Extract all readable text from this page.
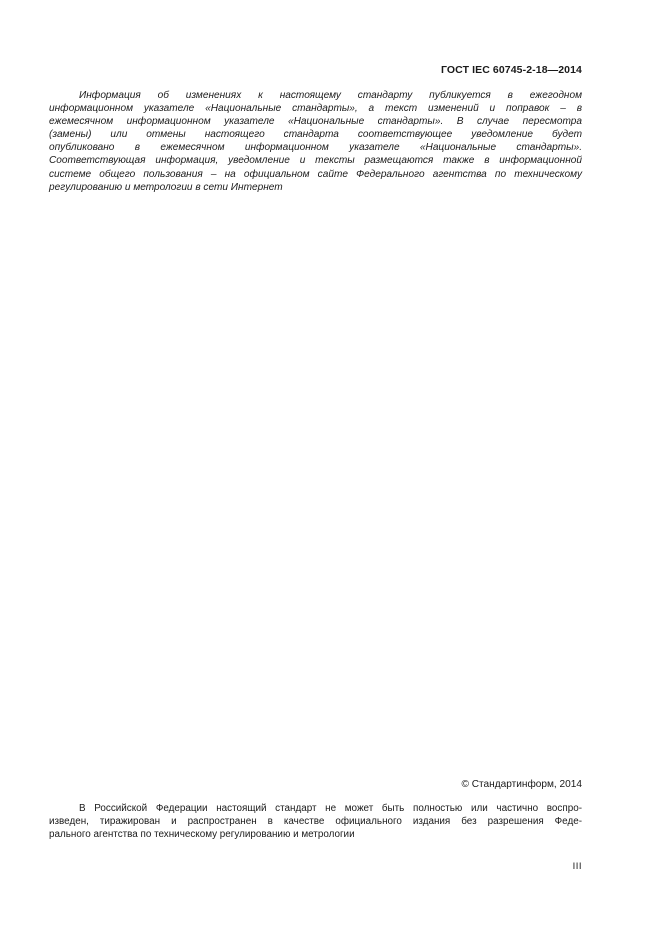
ГОСТ IEC 60745-2-18—2014
Информация об изменениях к настоящему стандарту публикуется в ежегодном
информационном указателе «Национальные стандарты», а текст изменений и поправок – в
ежемесячном информационном указателе «Национальные стандарты». В случае пересмотра
(замены) или отмены настоящего стандарта соответствующее уведомление будет
опубликовано в ежемесячном информационном указателе «Национальные стандарты».
Соответствующая информация, уведомление и тексты размещаются также в информационной
системе общего пользования – на официальном сайте Федерального агентства по техническому
регулированию и метрологии в сети Интернет
© Стандартинформ, 2014
В Российской Федерации настоящий стандарт не может быть полностью или частично воспро-
изведен, тиражирован и распространен в качестве официального издания без разрешения Феде-
рального агентства по техническому регулированию и метрологии
III
